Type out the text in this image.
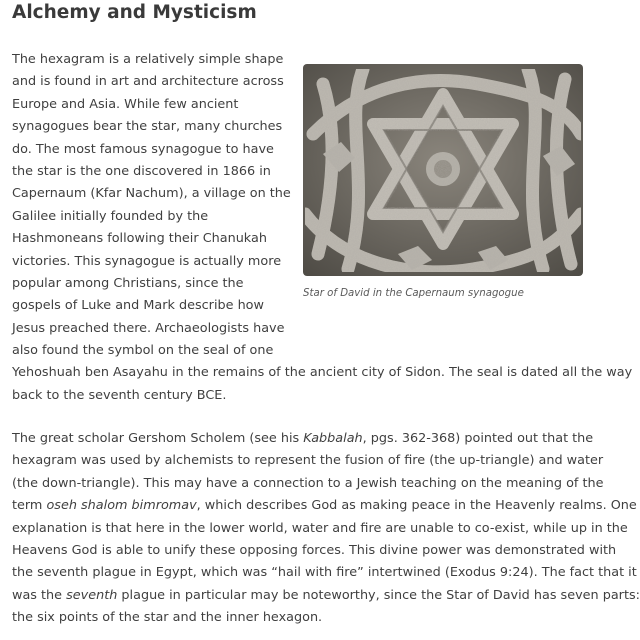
Alchemy and Mysticism
The hexagram is a relatively simple shape
and is found in art and architecture across
Europe and Asia. While few ancient
synagogues bear the star, many churches
do. The most famous synagogue to have
the star is the one discovered in 1866 in
Capernaum (Kfar Nachum), a village on the
Galilee initially founded by the
Hashmoneans following their Chanukah
victories. This synagogue is actually more
popular among Christians, since the
gospels of Luke and Mark describe how
Jesus preached there. Archaeologists have
also found the symbol on the seal of one
Yehoshuah ben Asayahu in the remains of the ancient city of Sidon. The seal is dated all the way
back to the seventh century BCE.
Star of David in the Capernaum synagogue
The great scholar Gershom Scholem (see his Kabbalah, pgs. 362-368) pointed out that the
hexagram was used by alchemists to represent the fusion of fire (the up-triangle) and water
(the down-triangle). This may have a connection to a Jewish teaching on the meaning of the
term oseh shalom bimromav, which describes God as making peace in the Heavenly realms. One
explanation is that here in the lower world, water and fire are unable to co-exist, while up in the
Heavens God is able to unify these opposing forces. This divine power was demonstrated with
the seventh plague in Egypt, which was “hail with fire” intertwined (Exodus 9:24). The fact that it
was the seventh plague in particular may be noteworthy, since the Star of David has seven parts:
the six points of the star and the inner hexagon.
